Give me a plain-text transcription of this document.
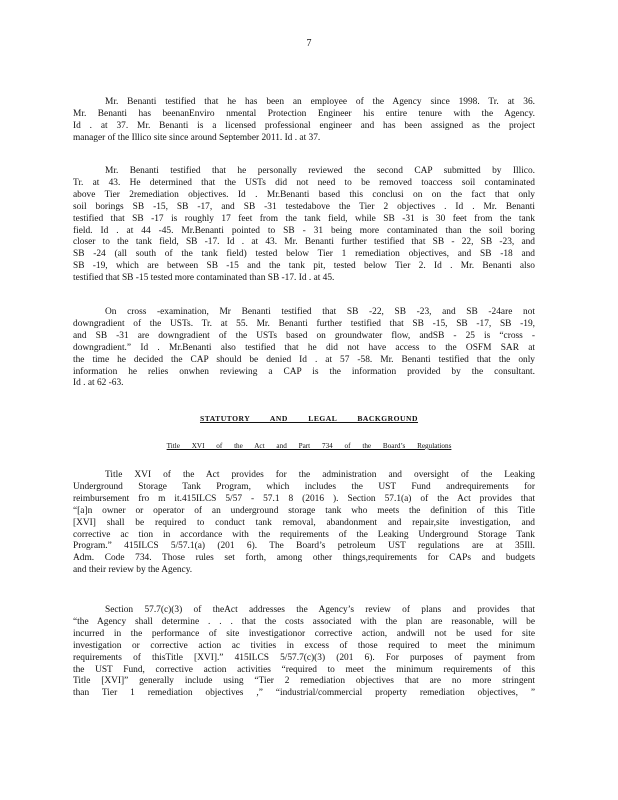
7
Mr. Benanti testified that he has been an employee of the Agency since 1998. Tr. at 36.
Mr. Benanti has beenanEnviro nmental Protection Engineer his entire tenure with the Agency.
Id . at 37. Mr. Benanti is a licensed professional engineer and has been assigned as the project
manager of the Illico site since around September 2011. Id . at 37.
Mr. Benanti testified that he personally reviewed the second CAP submitted by Illico.
Tr. at 43. He determined that the USTs did not need to be removed toaccess soil contaminated
above Tier 2remediation objectives. Id . Mr.Benanti based this conclusi on on the fact that only
soil borings SB -15, SB -17, and SB -31 testedabove the Tier 2 objectives . Id . Mr. Benanti
testified that SB -17 is roughly 17 feet from the tank field, while SB -31 is 30 feet from the tank
field. Id . at 44 -45. Mr.Benanti pointed to SB - 31 being more contaminated than the soil boring
closer to the tank field, SB -17. Id . at 43. Mr. Benanti further testified that SB - 22, SB -23, and
SB -24 (all south of the tank field) tested below Tier 1 remediation objectives, and SB -18 and
SB -19, which are between SB -15 and the tank pit, tested below Tier 2. Id . Mr. Benanti also
testified that SB -15 tested more contaminated than SB -17. Id . at 45.
On cross -examination, Mr Benanti testified that SB -22, SB -23, and SB -24are not
downgradient of the USTs. Tr. at 55. Mr. Benanti further testified that SB -15, SB -17, SB -19,
and SB -31 are downgradient of the USTs based on groundwater flow, andSB - 25 is “cross -
downgradient.” Id . Mr.Benanti also testified that he did not have access to the OSFM SAR at
the time he decided the CAP should be denied Id . at 57 -58. Mr. Benanti testified that the only
information he relies onwhen reviewing a CAP is the information provided by the consultant.
Id . at 62 -63.
STATUTORY AND LEGAL BACKGROUND
Title XVI of the Act and Part 734 of the Board’s Regulations
Title XVI of the Act provides for the administration and oversight of the Leaking
Underground Storage Tank Program, which includes the UST Fund andrequirements for
reimbursement fro m it.415ILCS 5/57 - 57.1 8 (2016 ). Section 57.1(a) of the Act provides that
“[a]n owner or operator of an underground storage tank who meets the definition of this Title
[XVI] shall be required to conduct tank removal, abandonment and repair,site investigation, and
corrective ac tion in accordance with the requirements of the Leaking Underground Storage Tank
Program.” 415ILCS 5/57.1(a) (201 6). The Board’s petroleum UST regulations are at 35Ill.
Adm. Code 734. Those rules set forth, among other things,requirements for CAPs and budgets
and their review by the Agency.
Section 57.7(c)(3) of theAct addresses the Agency’s review of plans and provides that
“the Agency shall determine . . . that the costs associated with the plan are reasonable, will be
incurred in the performance of site investigationor corrective action, andwill not be used for site
investigation or corrective action ac tivities in excess of those required to meet the minimum
requirements of thisTitle [XVI].” 415ILCS 5/57.7(c)(3) (201 6). For purposes of payment from
the UST Fund, corrective action activities “required to meet the minimum requirements of this
Title [XVI]” generally include using “Tier 2 remediation objectives that are no more stringent
than Tier 1 remediation objectives ,” “industrial/commercial property remediation objectives, ”
